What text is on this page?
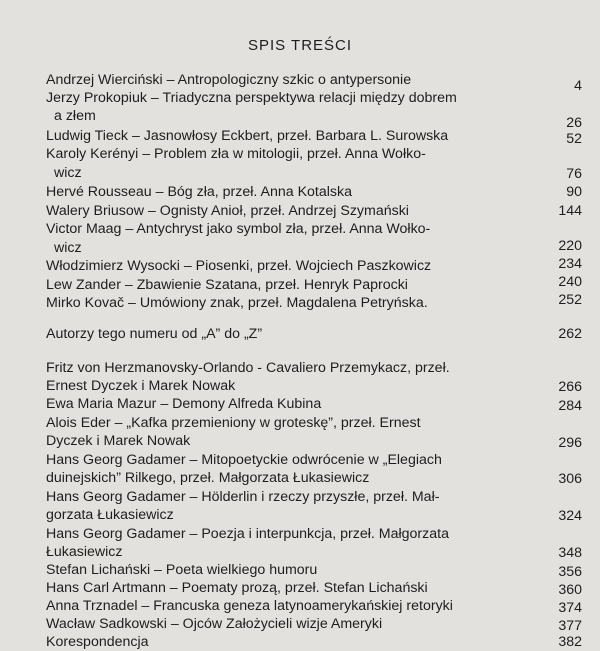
SPIS TREŚCI
Andrzej Wierciński – Antropologiczny szkic o antypersonie
Jerzy Prokopiuk – Triadyczna perspektywa relacji między dobrem
a złem
Ludwig Tieck – Jasnowłosy Eckbert, przeł. Barbara L. Surowska
Karoly Kerényi – Problem zła w mitologii, przeł. Anna Wołko-
wicz
Hervé Rousseau – Bóg zła, przeł. Anna Kotalska
Walery Briusow – Ognisty Anioł, przeł. Andrzej Szymański
Victor Maag – Antychryst jako symbol zła, przeł. Anna Wołko-
wicz
Włodzimierz Wysocki – Piosenki, przeł. Wojciech Paszkowicz
Lew Zander – Zbawienie Szatana, przeł. Henryk Paprocki
Mirko Kovač – Umówiony znak, przeł. Magdalena Petryńska.
Autorzy tego numeru od „A” do „Z”
Fritz von Herzmanovsky-Orlando - Cavaliero Przemykacz, przeł.
Ernest Dyczek i Marek Nowak
Ewa Maria Mazur – Demony Alfreda Kubina
Alois Eder – „Kafka przemieniony w groteskę”, przeł. Ernest
Dyczek i Marek Nowak
Hans Georg Gadamer – Mitopoetyckie odwrócenie w „Elegiach
duinejskich” Rilkego, przeł. Małgorzata Łukasiewicz
Hans Georg Gadamer – Hölderlin i rzeczy przyszłe, przeł. Mał-
gorzata Łukasiewicz
Hans Georg Gadamer – Poezja i interpunkcja, przeł. Małgorzata
Łukasiewicz
Stefan Lichański – Poeta wielkiego humoru
Hans Carl Artmann – Poematy prozą, przeł. Stefan Lichański
Anna Trznadel – Francuska geneza latynoamerykańskiej retoryki
Wacław Sadkowski – Ojców Założycieli wizje Ameryki
Korespondencja
4
26
52
76
90
144
220
234
240
252
262
266
284
296
306
324
348
356
360
374
377
382
